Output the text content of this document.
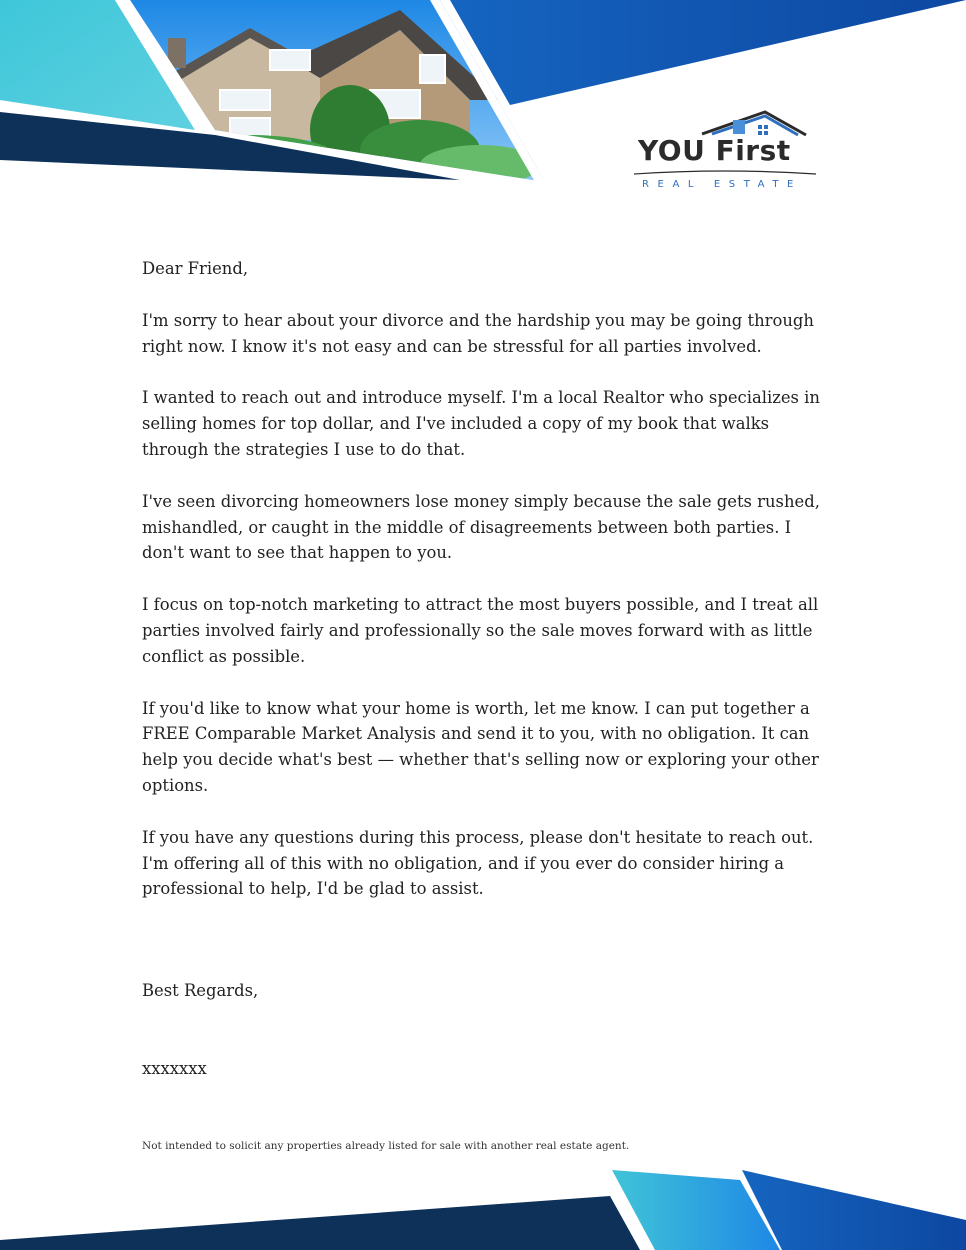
YOU First
REAL ESTATE

Dear Friend,

I'm sorry to hear about your divorce and the hardship you may be going through right now. I know it's not easy and can be stressful for all parties involved.

I wanted to reach out and introduce myself. I'm a local Realtor who specializes in selling homes for top dollar, and I've included a copy of my book that walks through the strategies I use to do that.

I've seen divorcing homeowners lose money simply because the sale gets rushed, mishandled, or caught in the middle of disagreements between both parties. I don't want to see that happen to you.

I focus on top-notch marketing to attract the most buyers possible, and I treat all parties involved fairly and professionally so the sale moves forward with as little conflict as possible.

If you'd like to know what your home is worth, let me know. I can put together a FREE Comparable Market Analysis and send it to you, with no obligation. It can help you decide what's best — whether that's selling now or exploring your other options.

If you have any questions during this process, please don't hesitate to reach out. I'm offering all of this with no obligation, and if you ever do consider hiring a professional to help, I'd be glad to assist.

Best Regards,

xxxxxxx

Not intended to solicit any properties already listed for sale with another real estate agent.
